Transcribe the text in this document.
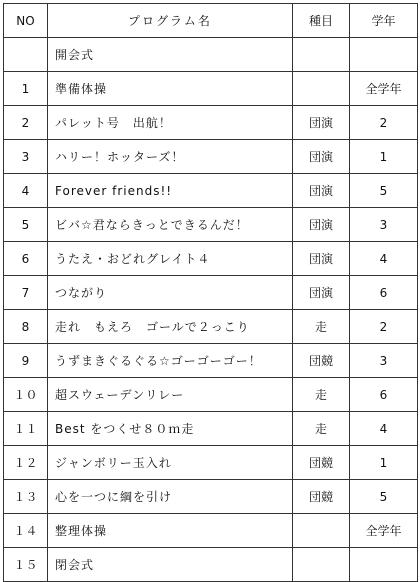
NO	プログラム名	種目	学年
	開会式		
1	準備体操		全学年
2	パレット号　出航！	団演	2
3	ハリー！ホッターズ！	団演	1
4	Forever friends!!	団演	5
5	ビバ☆君ならきっとできるんだ！	団演	3
6	うたえ・おどれグレイト４	団演	4
7	つながり	団演	6
8	走れ　もえろ　ゴールで２っこり	走	2
9	うずまきぐるぐる☆ゴーゴーゴー！	団競	3
１０	超スウェーデンリレー	走	6
１１	Best をつくせ８０ｍ走	走	4
１２	ジャンボリー玉入れ	団競	1
１３	心を一つに綱を引け	団競	5
１４	整理体操		全学年
１５	閉会式		
